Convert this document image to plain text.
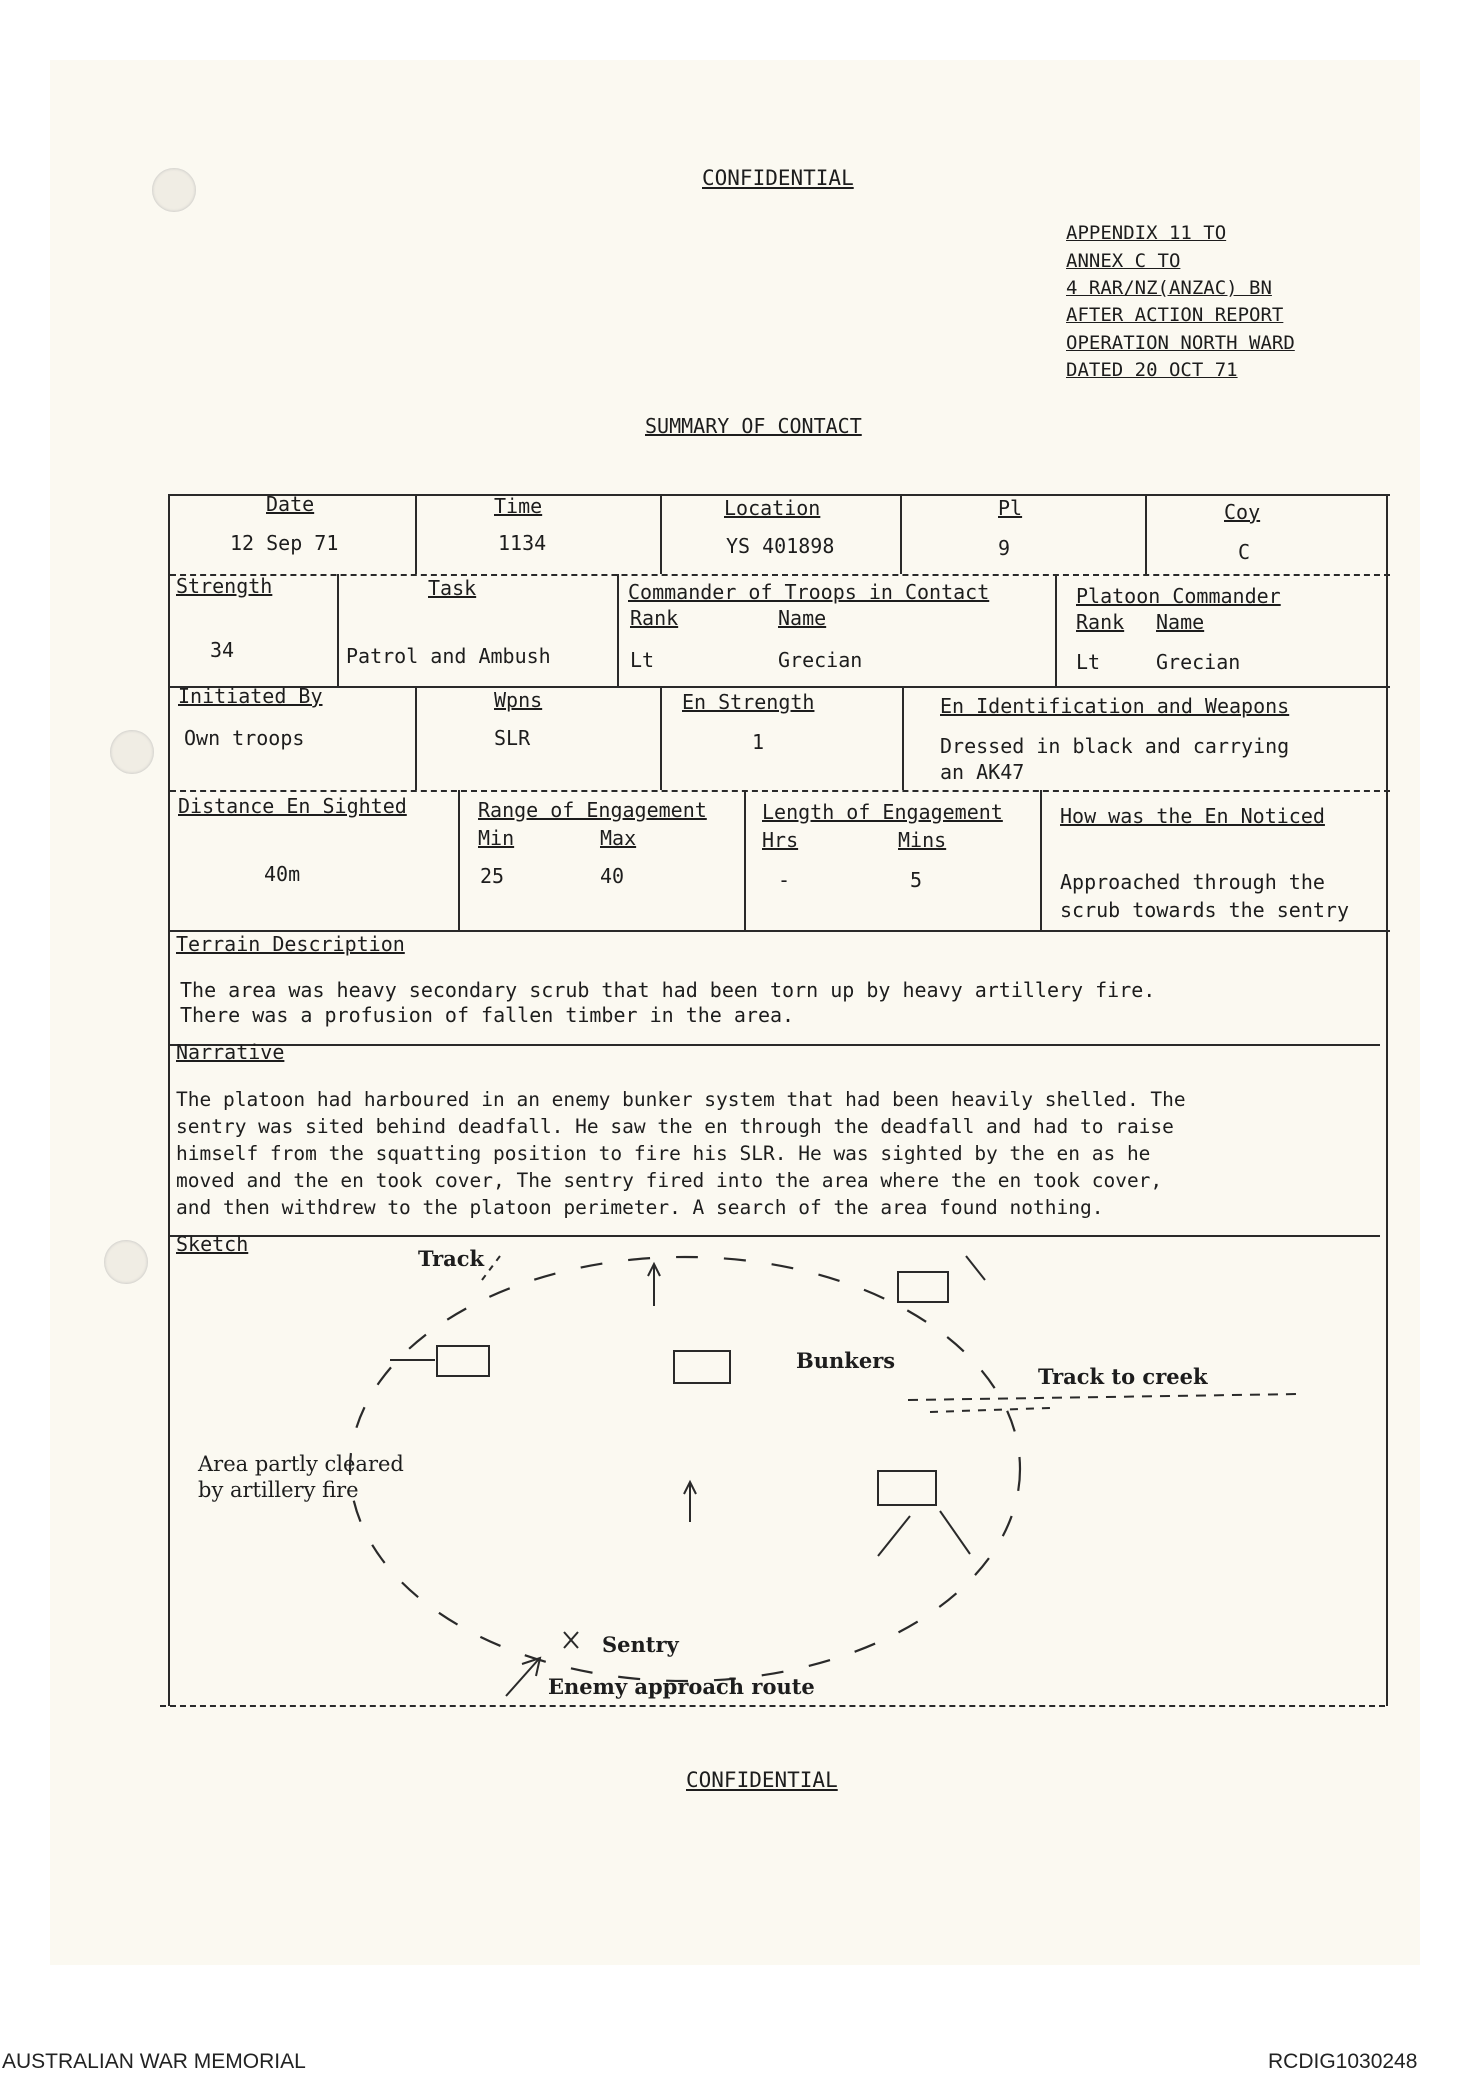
CONFIDENTIAL
APPENDIX 11 TO
ANNEX C TO
4 RAR/NZ(ANZAC) BN
AFTER ACTION REPORT
OPERATION NORTH WARD
DATED 20 OCT 71
SUMMARY OF CONTACT
Date
12 Sep 71
Time
1134
Location
YS 401898
Pl
9
Coy
C
Strength
34
Task
Patrol and Ambush
Commander of Troops in Contact
Rank	Name
Lt	Grecian
Platoon Commander
Rank Name
Lt	Grecian
Initiated By
Own troops
Wpns
SLR
En Strength
1
En Identification and Weapons
Dressed in black and carrying
an AK47
Distance En Sighted
40m
Range of Engagement
Min	Max
25	40
Length of Engagement
Hrs	Mins
-	5
How was the En Noticed
Approached through the
scrub towards the sentry
Terrain Description
The area was heavy secondary scrub that had been torn up by heavy artillery fire.
There was a profusion of fallen timber in the area.
Narrative
The platoon had harboured in an enemy bunker system that had been heavily shelled. The
sentry was sited behind deadfall. He saw the en through the deadfall and had to raise
himself from the squatting position to fire his SLR. He was sighted by the en as he
moved and the en took cover, The sentry fired into the area where the en took cover,
and then withdrew to the platoon perimeter. A search of the area found nothing.
Sketch
Track
Bunkers
Track to creek
Area partly cleared
by artillery fire
Sentry
Enemy approach route
CONFIDENTIAL
AUSTRALIAN WAR MEMORIAL	RCDIG1030248
